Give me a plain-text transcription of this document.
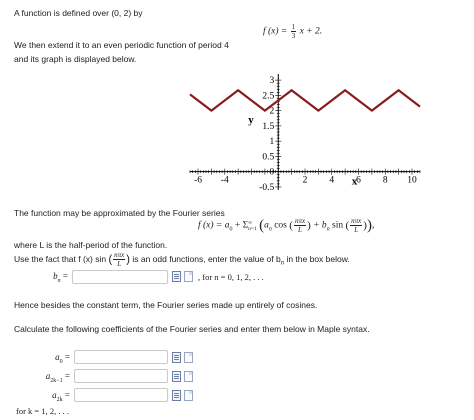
A function is defined over (0, 2) by
f $(x) = \frac{1}{3}$ x + 2.
We then extend it to an even periodic function of period 4
and its graph is displayed below.
-6 -4	2 4 6 8 10
3
2.5
2
1.5
1
0.5
0
-0.5
x
y
The function may be approximated by the Fourier series
f $(x) = a_0 + \Sigma$ ∞
n=1 ($a_n$ cos ( $\frac{\text{nπx}}{L}$ ) + $b_n$ sin ( $\frac{\text{nπx}}{L}$ )),
where L is the half-period of the function.
Use the fact that f (x) sin ( $\frac{\text{nπx}}{L}$ ) is an odd functions, enter the value of $b_n$ in the box below.
$b_n$ =	, for n = 0, 1, 2, . . .
Hence besides the constant term, the Fourier series made up entirely of cosines.
Calculate the following coefficients of the Fourier series and enter them below in Maple syntax.
$a_0$ =
$a_{2k-1}$ =
$a_{2k}$ =
for k = 1, 2, . . .
